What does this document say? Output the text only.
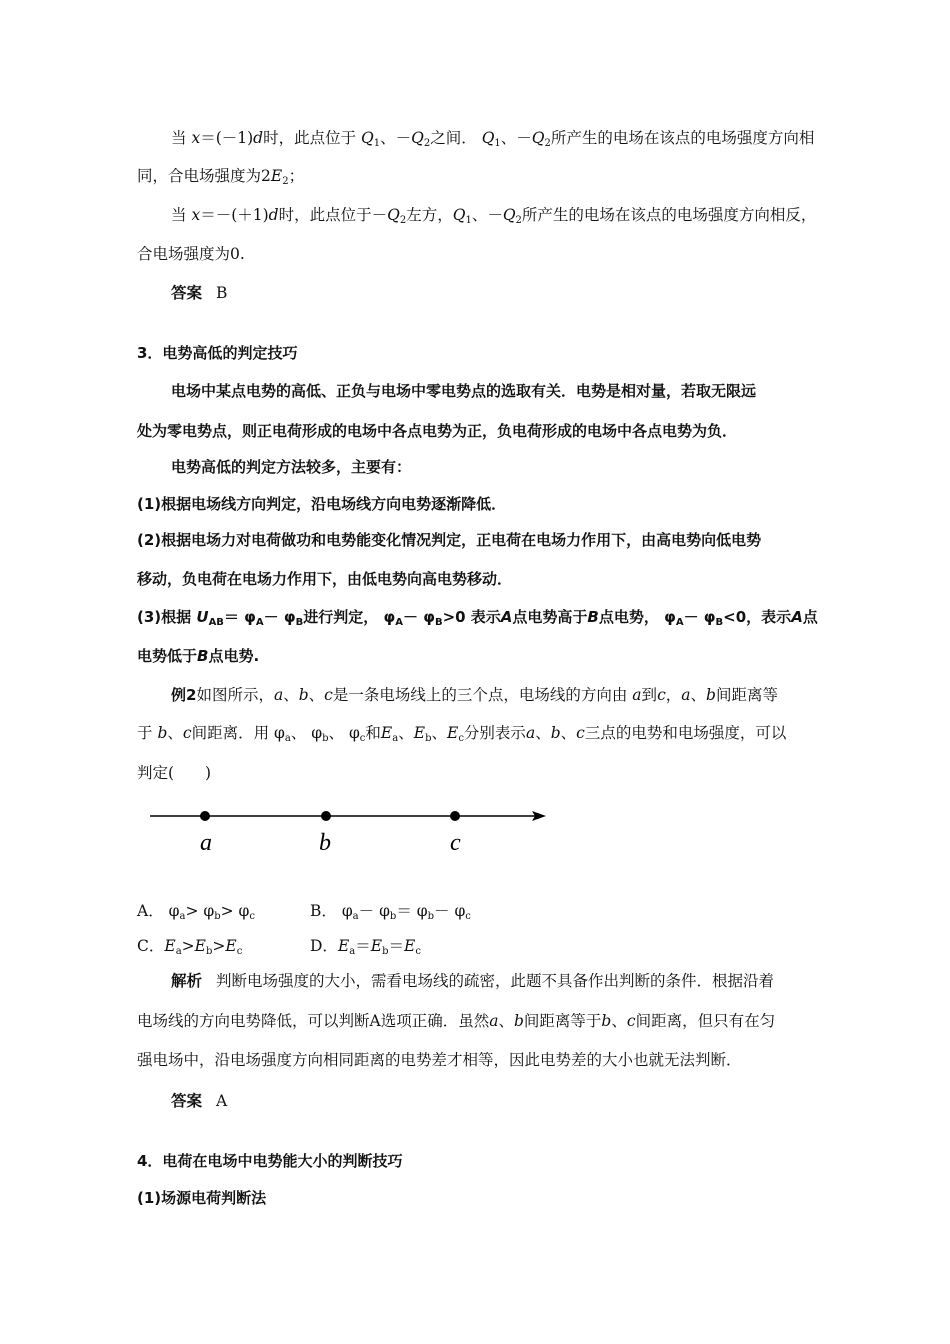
当 x＝(－1)d时，此点位于 $Q_1$、$-Q_2$之间． $Q_1$、$-Q_2$所产生的电场在该点的电场强度方向相
同，合电场强度为$2E_2$；
当 x＝－(＋1)d时，此点位于$-Q_2$左方，$Q_1$、$-Q_2$所产生的电场在该点的电场强度方向相反，
合电场强度为0.
答案 B
3．电势高低的判定技巧
电场中某点电势的高低、正负与电场中零电势点的选取有关．电势是相对量，若取无限远
处为零电势点，则正电荷形成的电场中各点电势为正，负电荷形成的电场中各点电势为负．
电势高低的判定方法较多，主要有：
(1)根据电场线方向判定，沿电场线方向电势逐渐降低．
(2)根据电场力对电荷做功和电势能变化情况判定，正电荷在电场力作用下，由高电势向低电势
移动，负电荷在电场力作用下，由低电势向高电势移动．
(3)根据 $U_{AB}= \varphi_A- \varphi_B$进行判定， $\varphi_A- \varphi_B>0$ 表示A点电势高于B点电势， $\varphi_A- \varphi_B<0$，表示A点
电势低于B点电势.
例2如图所示，a、b、c是一条电场线上的三个点，电场线的方向由 a到c，a、b间距离等
于 b、c间距离．用 $\varphi_a$、 $\varphi_b$、 $\varphi_c$和$E_a$、$E_b$、$E_c$分别表示a、b、c三点的电势和电场强度，可以
判定(　　)
a	b	c
A． $\varphi_a> \varphi_b> \varphi_c$	B． $\varphi_a- \varphi_b= \varphi_b- \varphi_c$
C．$E_a>E_b>E_c$	D．$E_a=E_b=E_c$
解析 判断电场强度的大小，需看电场线的疏密，此题不具备作出判断的条件．根据沿着
电场线的方向电势降低，可以判断A选项正确．虽然a、b间距离等于b、c间距离，但只有在匀
强电场中，沿电场强度方向相同距离的电势差才相等，因此电势差的大小也就无法判断．
答案 A
4．电荷在电场中电势能大小的判断技巧
(1)场源电荷判断法
